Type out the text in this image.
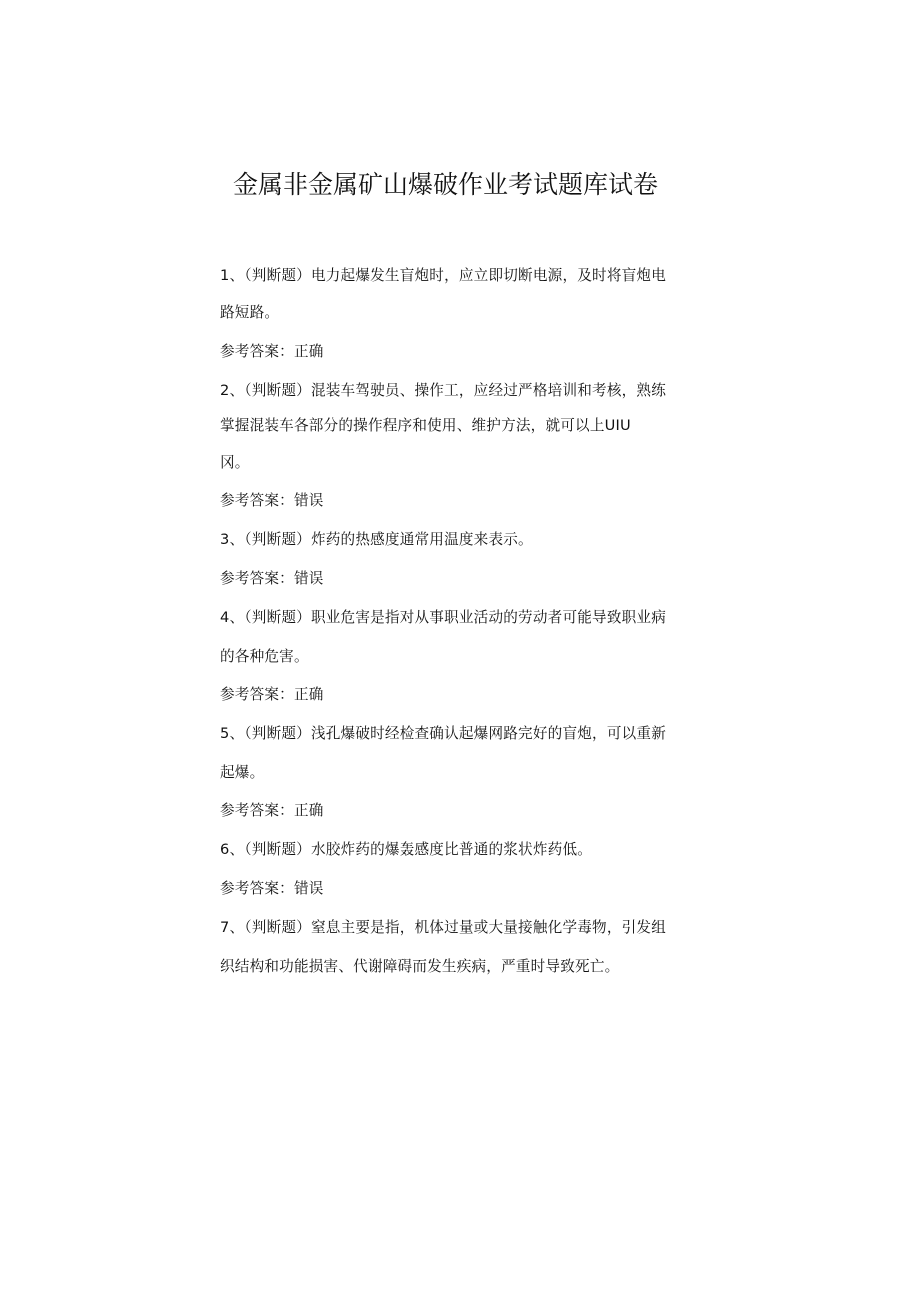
金属非金属矿山爆破作业考试题库试卷
1、（判断题）电力起爆发生盲炮时，应立即切断电源，及时将盲炮电
路短路。
参考答案：正确
2、（判断题）混装车驾驶员、操作工，应经过严格培训和考核，熟练
掌握混装车各部分的操作程序和使用、维护方法，就可以上UIU
冈。
参考答案：错误
3、（判断题）炸药的热感度通常用温度来表示。
参考答案：错误
4、（判断题）职业危害是指对从事职业活动的劳动者可能导致职业病
的各种危害。
参考答案：正确
5、（判断题）浅孔爆破时经检查确认起爆网路完好的盲炮，可以重新
起爆。
参考答案：正确
6、（判断题）水胶炸药的爆轰感度比普通的浆状炸药低。
参考答案：错误
7、（判断题）窒息主要是指，机体过量或大量接触化学毒物，引发组
织结构和功能损害、代谢障碍而发生疾病，严重时导致死亡。
